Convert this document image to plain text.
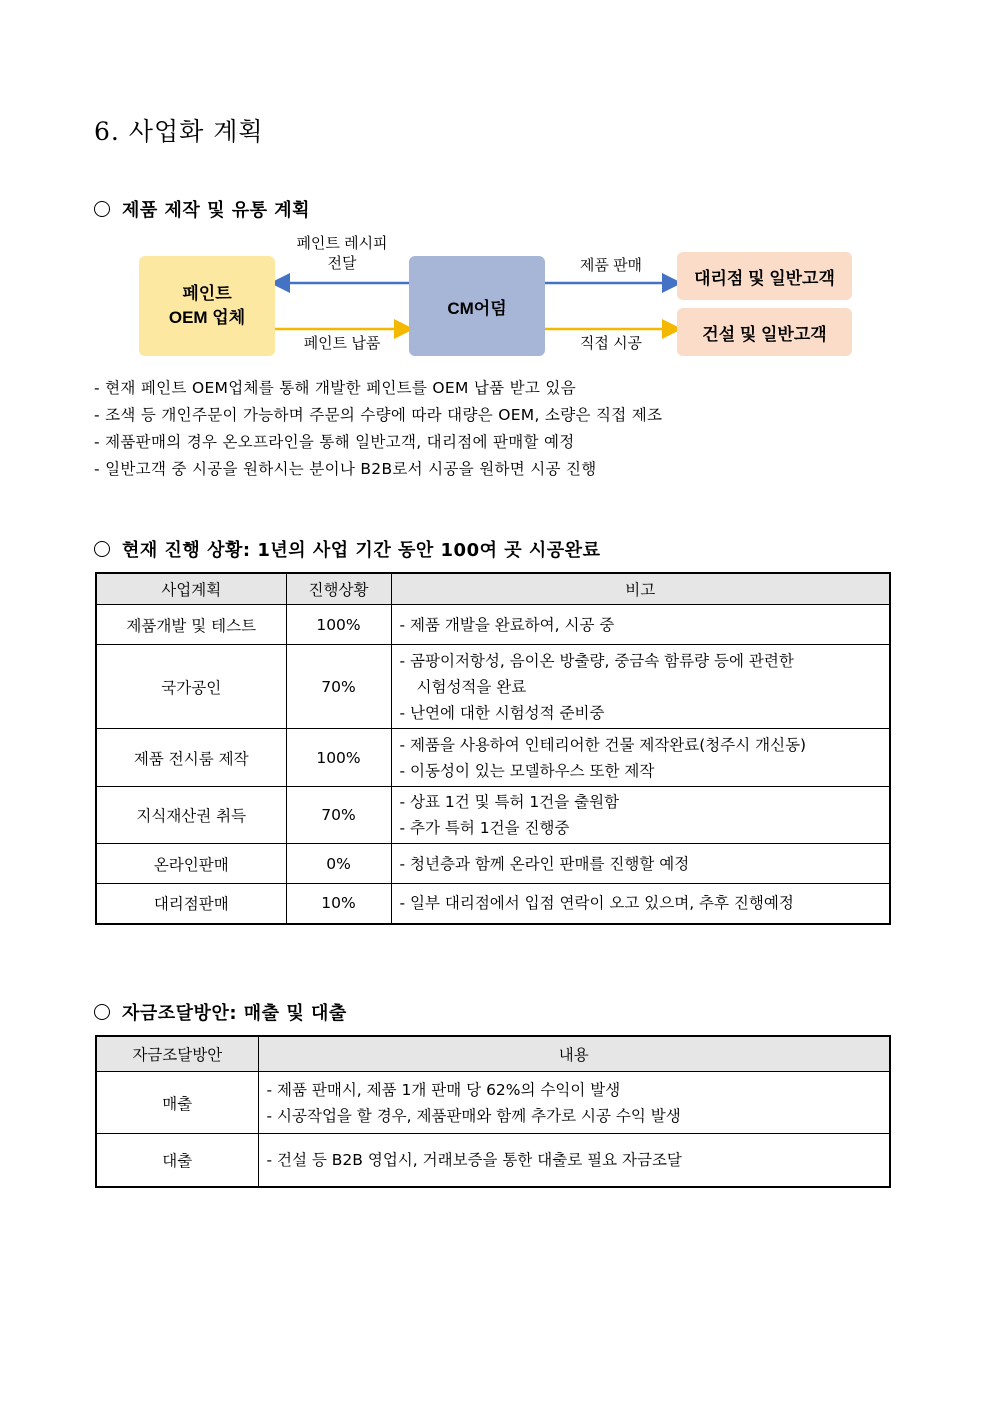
6. 사업화 계획
제품 제작 및 유통 계획
페인트
OEM 업체	CM어덤
대리점 및 일반고객
건설 및 일반고객
페인트 레시피
전달
페인트 납품
제품 판매
직접 시공
- 현재 페인트 OEM업체를 통해 개발한 페인트를 OEM 납품 받고 있음
- 조색 등 개인주문이 가능하며 주문의 수량에 따라 대량은 OEM, 소량은 직접 제조
- 제품판매의 경우 온오프라인을 통해 일반고객, 대리점에 판매할 예정
- 일반고객 중 시공을 원하시는 분이나 B2B로서 시공을 원하면 시공 진행
현재 진행 상황: 1년의 사업 기간 동안 100여 곳 시공완료
사업계획	진행상황	비고
제품개발 및 테스트	100%	- 제품 개발을 완료하여, 시공 중

국가공인	70%	- 곰팡이저항성, 음이온 방출량, 중금속 함류량 등에 관련한
시험성적을 완료
- 난연에 대한 시험성적 준비중

제품 전시룸 제작	100%	- 제품을 사용하여 인테리어한 건물 제작완료(청주시 개신동)
- 이동성이 있는 모델하우스 또한 제작

지식재산권 취득	70%	- 상표 1건 및 특허 1건을 출원함
- 추가 특허 1건을 진행중

온라인판매	0%	- 청년층과 함께 온라인 판매를 진행할 예정

대리점판매	10%	- 일부 대리점에서 입점 연락이 오고 있으며, 추후 진행예정
자금조달방안: 매출 및 대출
자금조달방안	내용
매출	- 제품 판매시, 제품 1개 판매 당 62%의 수익이 발생
- 시공작업을 할 경우, 제품판매와 함께 추가로 시공 수익 발생

대출	- 건설 등 B2B 영업시, 거래보증을 통한 대출로 필요 자금조달
